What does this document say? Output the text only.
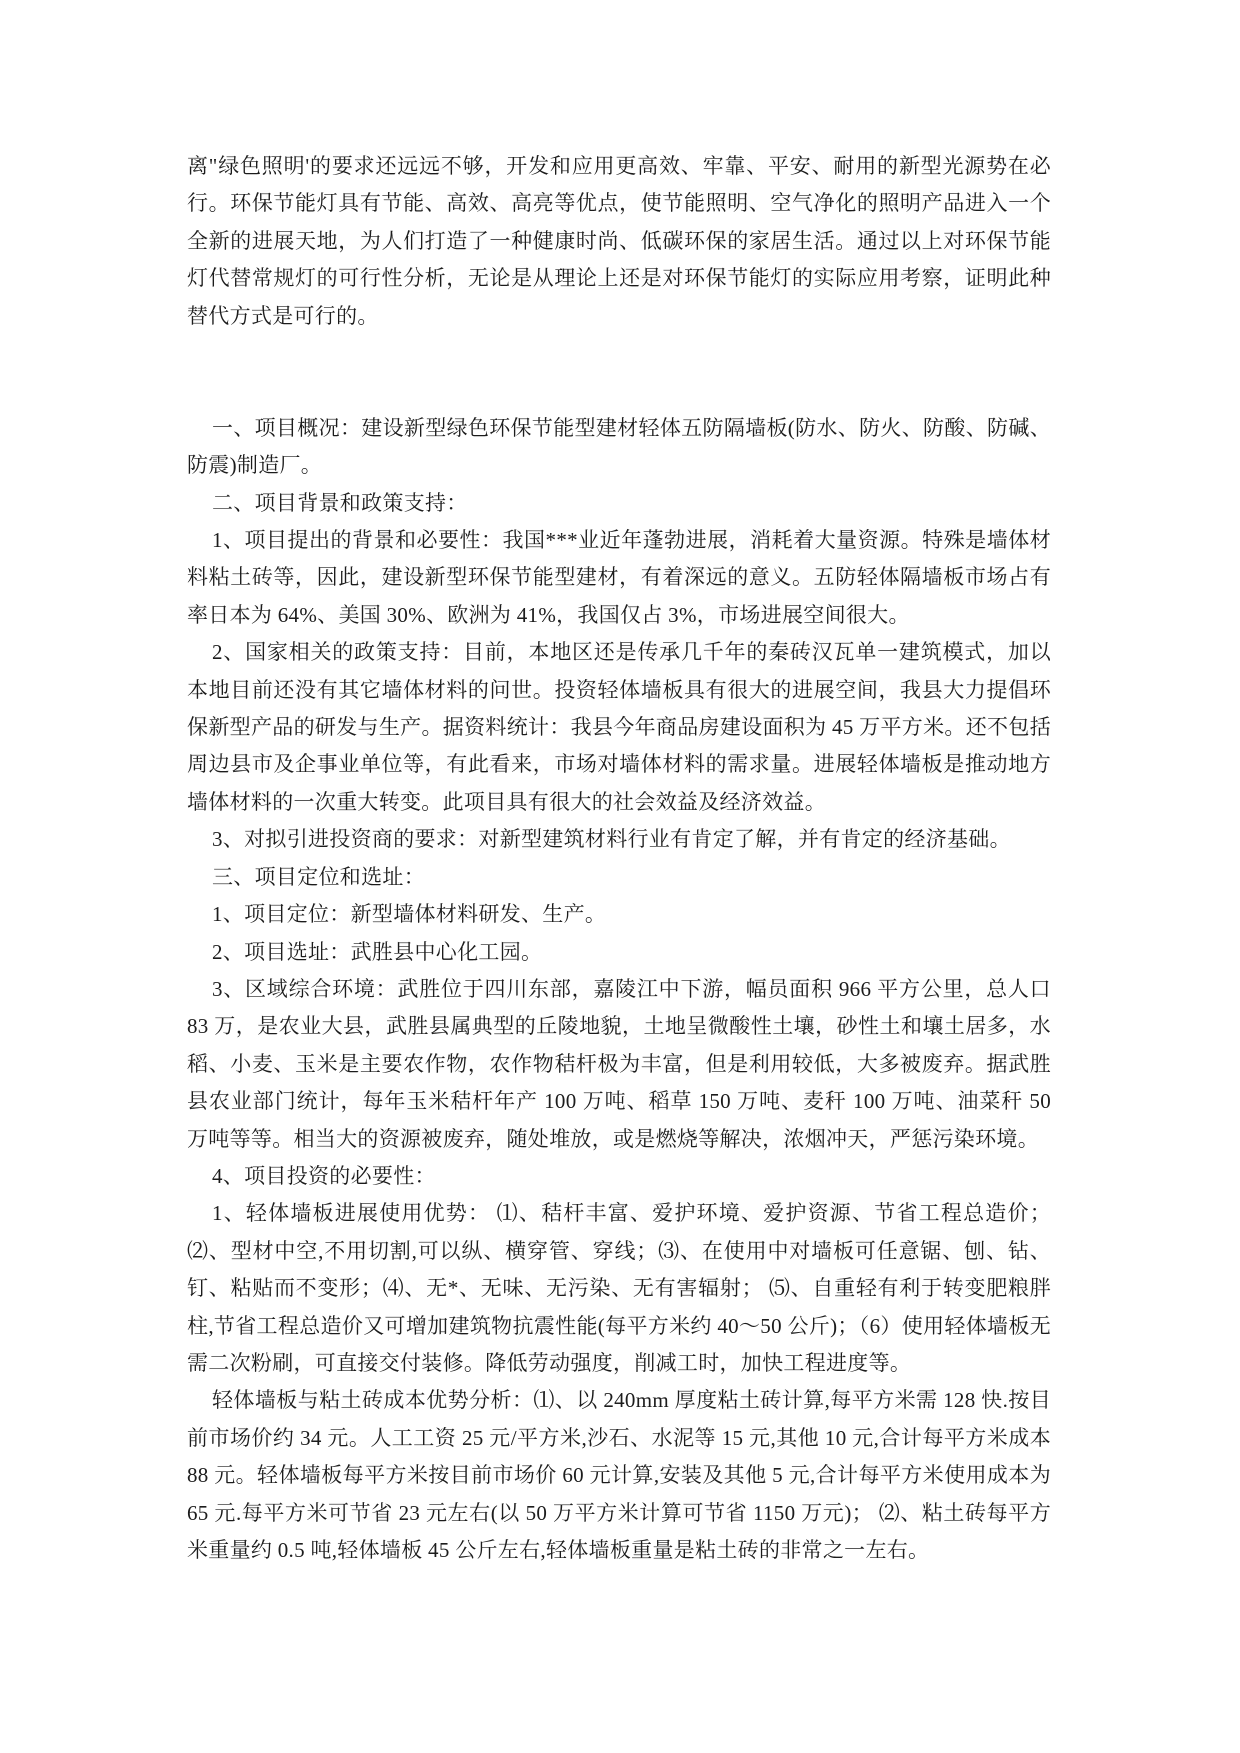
离"绿色照明'的要求还远远不够，开发和应用更高效、牢靠、平安、耐用的新型光源势在必行。环保节能灯具有节能、高效、高亮等优点，使节能照明、空气净化的照明产品进入一个全新的进展天地，为人们打造了一种健康时尚、低碳环保的家居生活。通过以上对环保节能灯代替常规灯的可行性分析，无论是从理论上还是对环保节能灯的实际应用考察，证明此种替代方式是可行的。

一、项目概况：建设新型绿色环保节能型建材轻体五防隔墙板(防水、防火、防酸、防碱、防震)制造厂。

二、项目背景和政策支持：

1、项目提出的背景和必要性：我国***业近年蓬勃进展，消耗着大量资源。特殊是墙体材料粘土砖等，因此，建设新型环保节能型建材，有着深远的意义。五防轻体隔墙板市场占有率日本为 64%、美国 30%、欧洲为 41%，我国仅占 3%，市场进展空间很大。

2、国家相关的政策支持：目前，本地区还是传承几千年的秦砖汉瓦单一建筑模式，加以本地目前还没有其它墙体材料的问世。投资轻体墙板具有很大的进展空间，我县大力提倡环保新型产品的研发与生产。据资料统计：我县今年商品房建设面积为 45 万平方米。还不包括周边县市及企事业单位等，有此看来，市场对墙体材料的需求量。进展轻体墙板是推动地方墙体材料的一次重大转变。此项目具有很大的社会效益及经济效益。

3、对拟引进投资商的要求：对新型建筑材料行业有肯定了解，并有肯定的经济基础。

三、项目定位和选址：

1、项目定位：新型墙体材料研发、生产。

2、项目选址：武胜县中心化工园。

3、区域综合环境：武胜位于四川东部，嘉陵江中下游，幅员面积 966 平方公里，总人口 83 万，是农业大县，武胜县属典型的丘陵地貌，土地呈微酸性土壤，砂性土和壤土居多，水稻、小麦、玉米是主要农作物，农作物秸杆极为丰富，但是利用较低，大多被废弃。据武胜县农业部门统计，每年玉米秸杆年产 100 万吨、稻草 150 万吨、麦秆 100 万吨、油菜秆 50 万吨等等。相当大的资源被废弃，随处堆放，或是燃烧等解决，浓烟冲天，严惩污染环境。

4、项目投资的必要性：

1、轻体墙板进展使用优势： ⑴、秸杆丰富、爱护环境、爱护资源、节省工程总造价；⑵、型材中空,不用切割,可以纵、横穿管、穿线；⑶、在使用中对墙板可任意锯、刨、钻、钉、粘贴而不变形；⑷、无*、无味、无污染、无有害辐射； ⑸、自重轻有利于转变肥粮胖柱,节省工程总造价又可增加建筑物抗震性能(每平方米约 40～50 公斤)；（6）使用轻体墙板无需二次粉刷，可直接交付装修。降低劳动强度，削减工时，加快工程进度等。

轻体墙板与粘土砖成本优势分析：⑴、以 240mm 厚度粘土砖计算,每平方米需 128 快.按目前市场价约 34 元。人工工资 25 元/平方米,沙石、水泥等 15 元,其他 10 元,合计每平方米成本 88 元。轻体墙板每平方米按目前市场价 60 元计算,安装及其他 5 元,合计每平方米使用成本为 65 元.每平方米可节省 23 元左右(以 50 万平方米计算可节省 1150 万元)； ⑵、粘土砖每平方米重量约 0.5 吨,轻体墙板 45 公斤左右,轻体墙板重量是粘土砖的非常之一左右。
